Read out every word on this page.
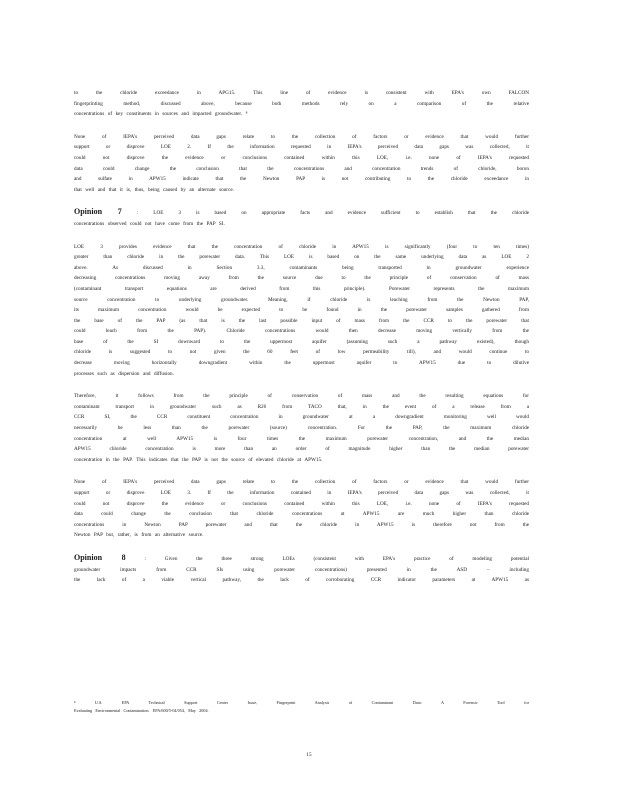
to the chloride exceedance in APG15. This line of evidence is consistent with EPA's own FALCON

fingerprinting method, discussed above, because both methods rely on a comparison of the relative

concentrations of key constituents in sources and impacted groundwater. ⁸

None of IEPA's perceived data gaps relate to the collection of factors or evidence that would further

support or disprove LOE 2. If the information requested in IEPA's perceived data gaps was collected, it

could not disprove the evidence or conclusions contained within this LOE, i.e. none of IEPA's requested

data could change the conclusion that the concentrations and concentration trends of chloride, boron

and sulfate in APW15 indicate that the Newton PAP is not contributing to the chloride exceedance in

that well and that it is, thus, being caused by an alternate source.

Opinion 7	: LOE 3 is based on appropriate facts and evidence sufficient to establish that the chloride

concentrations observed could not have come from the PAP SI.

LOE 3 provides evidence that the concentration of chloride in APW15 is significantly (four to ten times)

greater than chloride in the porewater data. This LOE is based on the same underlying data as LOE 2

above. As discussed in Section 3.3, contaminants being transported in groundwater experience

decreasing concentrations moving away from the source due to the principle of conservation of mass

(contaminant transport equations are derived from this principle). Porewater represents the maximum

source concentration to underlying groundwater. Meaning, if chloride is leaching from the Newton PAP,

its maximum concentration would be expected to be found in the porewater samples gathered from

the base of the PAP (as that is the last possible input of mass from the CCR to the porewater that

could leach from the PAP). Chloride concentrations would then decrease moving vertically from the

base of the SI downward to the uppermost aquifer (assuming such a pathway existed), though

chloride is suggested to not given the 60 feet of low permeability till), and would continue to

decrease moving horizontally downgradient within the uppermost aquifer to APW15 due to dilutive

processes such as dispersion and diffusion.

Therefore, it follows from the principle of conservation of mass and the resulting equations for

contaminant transport in groundwater such as R26 from TACO that, in the event of a release from a

CCR SI, the CCR constituent concentration in groundwater at a downgradient monitoring well would

necessarily be less than the porewater (source) concentration. For the PAP, the maximum chloride

concentration at well APW15 is four times the maximum porewater concentration, and the median

APW15 chloride concentration is more than an order of magnitude higher than the median porewater

concentration in the PAP. This indicates that the PAP is not the source of elevated chloride at APW15.

None of IEPA's perceived data gaps relate to the collection of factors or evidence that would further

support or disprove LOE 3. If the information contained in IEPA's perceived data gaps was collected, it

could not disprove the evidence or conclusions contained within this LOE, i.e. none of IEPA's requested

data could change the conclusion that chloride concentrations at APW15 are much higher than chloride

concentrations in Newton PAP porewater and that the chloride in APW15 is therefore not from the

Newton PAP but, rather, is from an alternative source.

Opinion 8	: Given the three strong LOEs (consistent with EPA's practice of modeling potential

groundwater impacts from CCR SIs using porewater concentrations) presented in the ASD – including

the lack of a viable vertical pathway, the lack of corroborating CCR indicator parameters at APW15 as

⁸ U.S. EPA Technical Support Center Issue, Fingerprint Analysis of Contaminant Data: A Forensic Tool for

Evaluating Environmental Contamination. EPA/600/5-04/054, May 2004.

15
